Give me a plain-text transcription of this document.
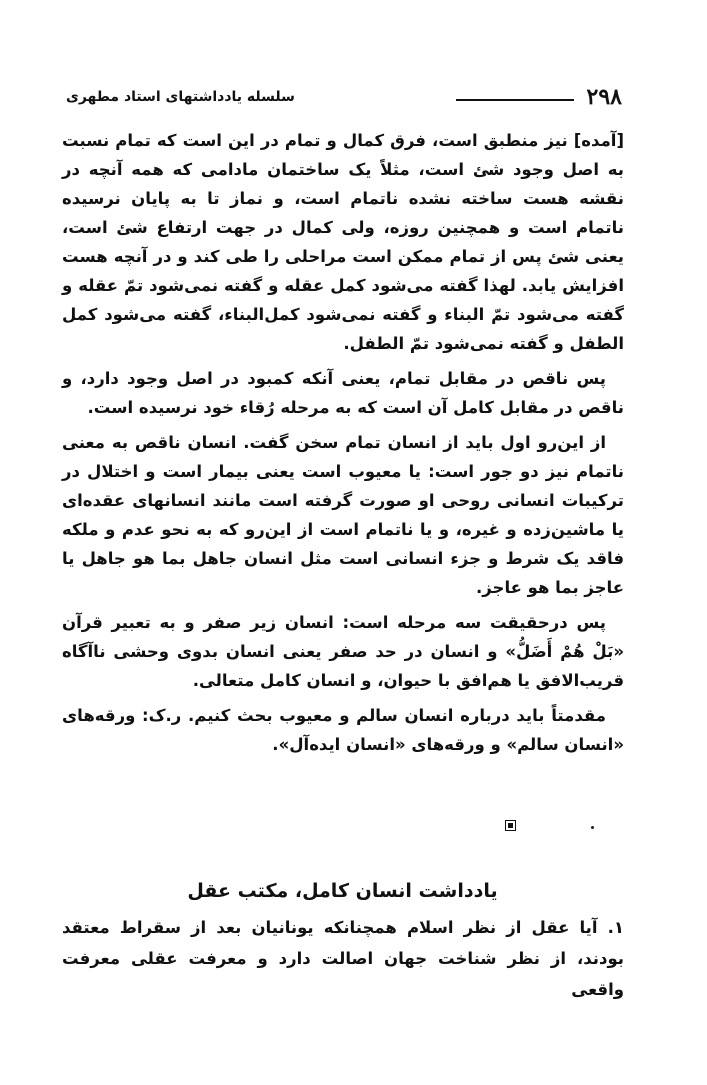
۲۹۸
سلسله یادداشتهای استاد مطهری

[آمده] نیز منطبق است، فرق کمال و تمام در این است که تمام نسبت به اصل وجود شئ است، مثلاً یک ساختمان مادامی که همه آنچه در نقشه هست ساخته نشده ناتمام است، و نماز تا به پایان نرسیده ناتمام است و همچنین روزه، ولی کمال در جهت ارتفاع شئ است، یعنی شئ پس از تمام ممکن است مراحلی را طی کند و در آنچه هست افزایش یابد. لهذا گفته می‌شود کمل عقله و گفته نمی‌شود تمّ عقله و گفته می‌شود تمّ البناء و گفته نمی‌شود کمل‌البناء، گفته می‌شود کمل الطفل و گفته نمی‌شود تمّ الطفل.

پس ناقص در مقابل تمام، یعنی آنکه کمبود در اصل وجود دارد، و ناقص در مقابل کامل آن است که به مرحله رُقاء خود نرسیده است.

از این‌رو اول باید از انسان تمام سخن گفت. انسان ناقص به معنی ناتمام نیز دو جور است: یا معیوب است یعنی بیمار است و اختلال در ترکیبات انسانی روحی او صورت گرفته است مانند انسانهای عقده‌ای یا ماشین‌زده و غیره، و یا ناتمام است از این‌رو که به نحو عدم و ملکه فاقد یک شرط و جزء انسانی است مثل انسان جاهل بما هو جاهل یا عاجز بما هو عاجز.

پس درحقیقت سه مرحله است: انسان زیر صفر و به تعبیر قرآن «بَلْ هُمْ أَضَلُّ» و انسان در حد صفر یعنی انسان بدوی وحشی ناآگاه قریب‌الافق یا هم‌افق با حیوان، و انسان کامل متعالی.

مقدمتاً باید درباره انسان سالم و معیوب بحث کنیم. ر.ک: ورقه‌های «انسان سالم» و ورقه‌های «انسان ایده‌آل».

یادداشت انسان کامل، مکتب عقل

۱. آیا عقل از نظر اسلام همچنانکه یونانیان بعد از سقراط معتقد بودند، از نظر شناخت جهان اصالت دارد و معرفت عقلی معرفت واقعی
